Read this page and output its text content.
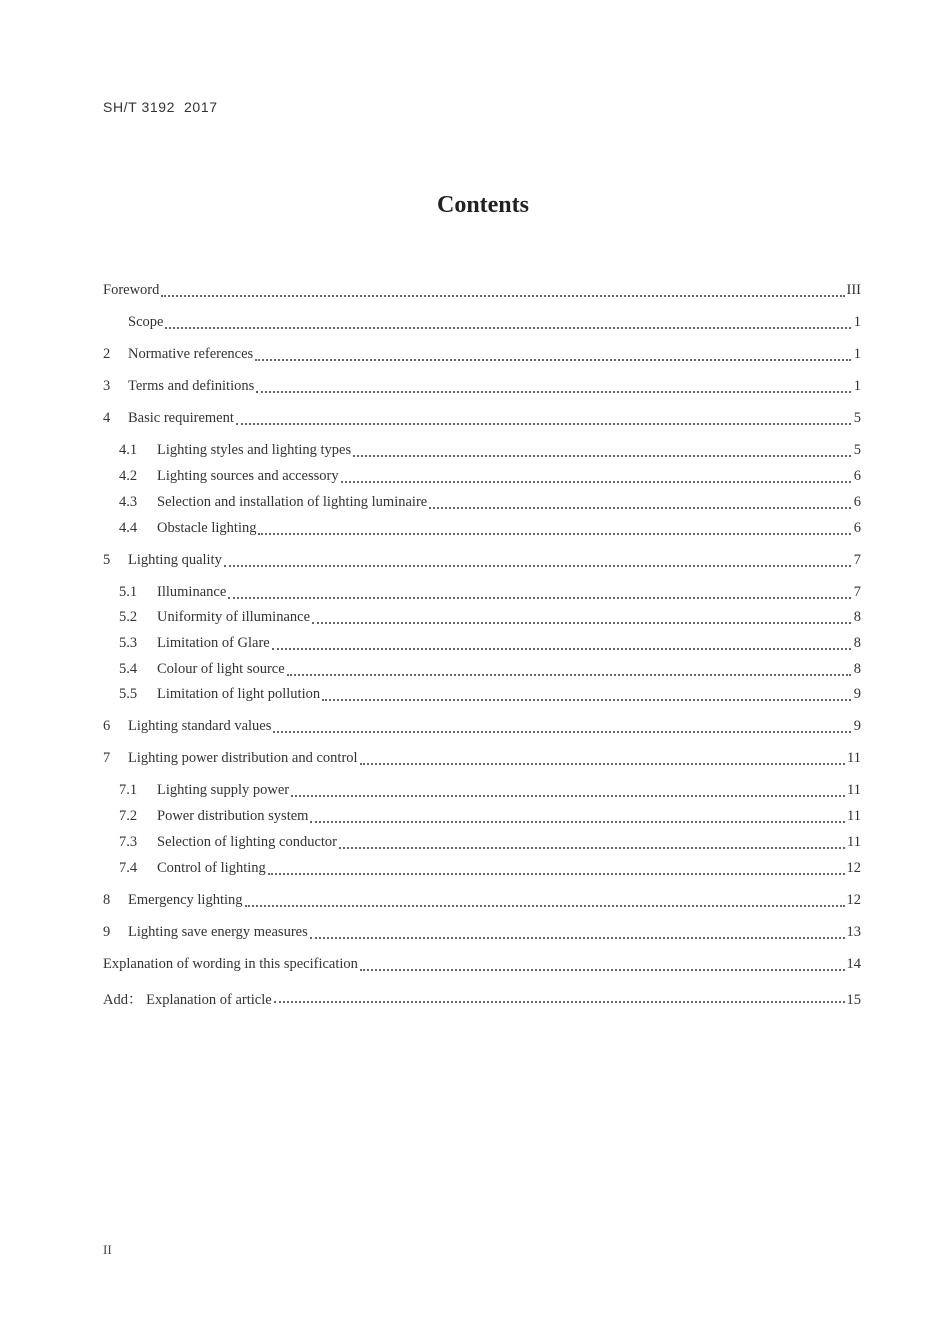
SH/T 3192  2017
Contents
Foreword	III
Scope	1
2	Normative references	1
3	Terms and definitions	1
4	Basic requirement	5
4.1	Lighting styles and lighting types	5
4.2	Lighting sources and accessory	6
4.3	Selection and installation of lighting luminaire	6
4.4	Obstacle lighting	6
5	Lighting quality	7
5.1	Illuminance	7
5.2	Uniformity of illuminance	8
5.3	Limitation of Glare	8
5.4	Colour of light source	8
5.5	Limitation of light pollution	9
6	Lighting standard values	9
7	Lighting power distribution and control	11
7.1	Lighting supply power	11
7.2	Power distribution system	11
7.3	Selection of lighting conductor	11
7.4	Control of lighting	12
8	Emergency lighting	12
9	Lighting save energy measures	13
Explanation of wording in this specification	14
Add： Explanation of article	15
II
